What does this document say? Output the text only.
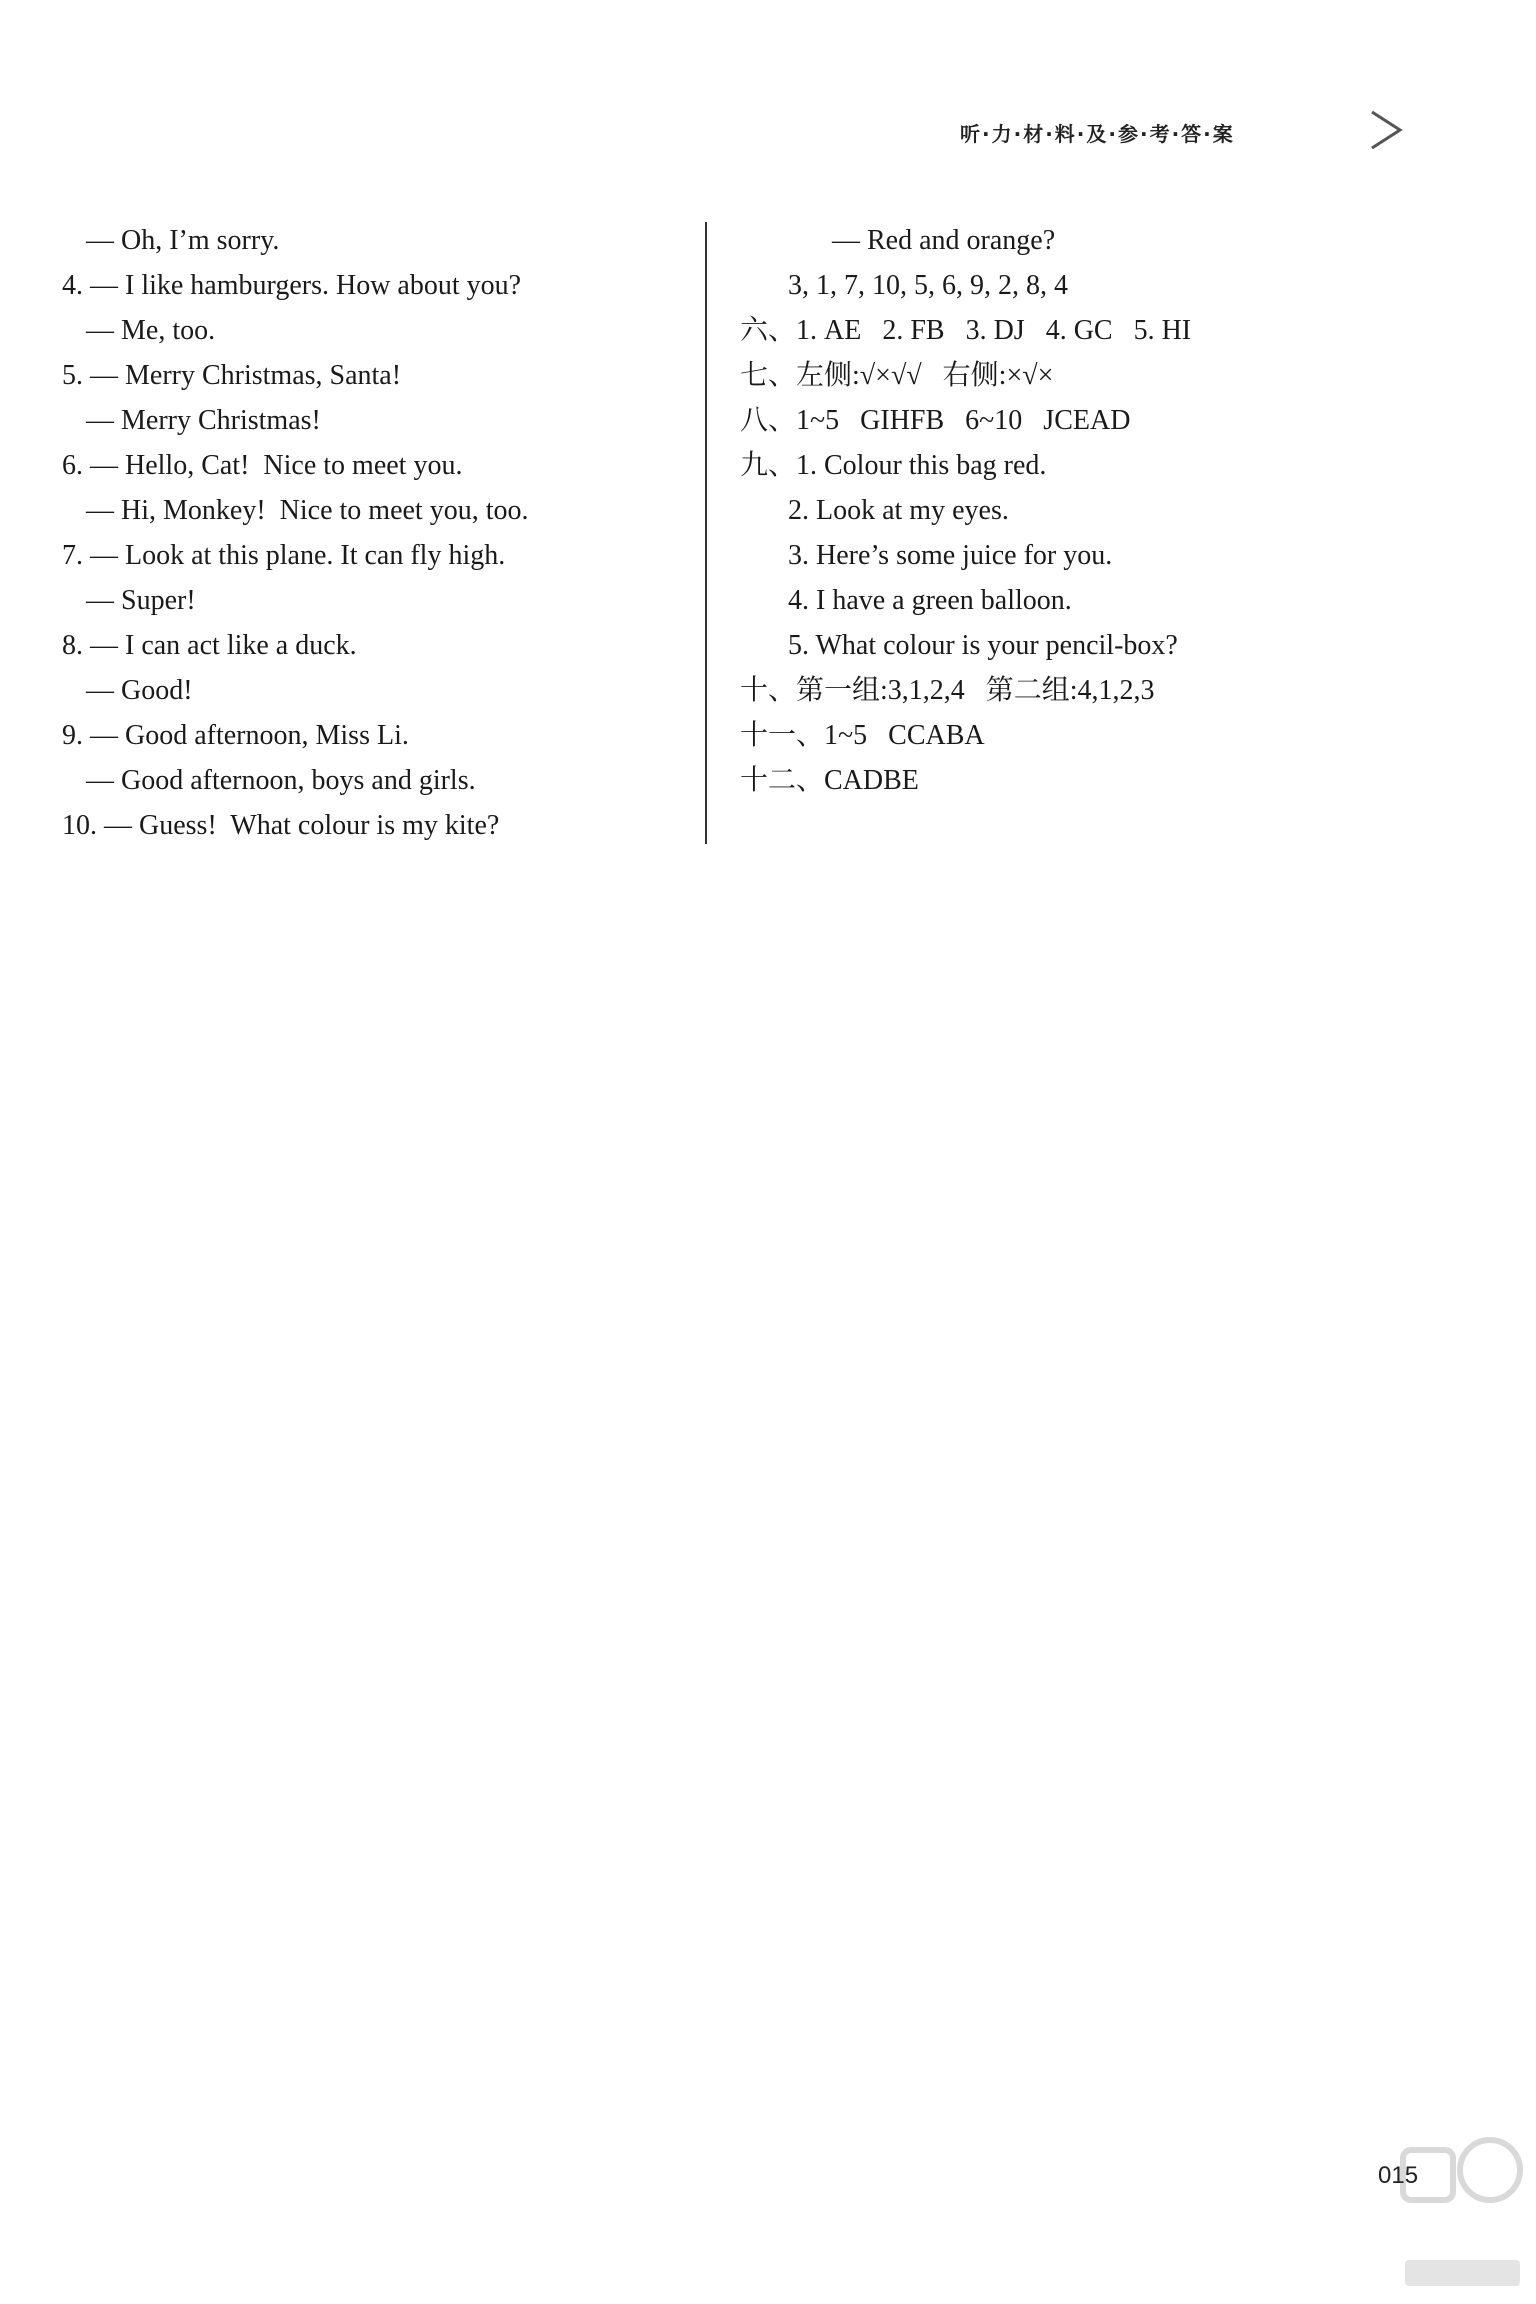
听·力·材·料·及·参·考·答·案
— Oh, I’m sorry.
4. — I like hamburgers. How about you?
— Me, too.
5. — Merry Christmas, Santa!
— Merry Christmas!
6. — Hello, Cat!  Nice to meet you.
— Hi, Monkey!  Nice to meet you, too.
7. — Look at this plane. It can fly high.
— Super!
8. — I can act like a duck.
— Good!
9. — Good afternoon, Miss Li.
— Good afternoon, boys and girls.
10. — Guess!  What colour is my kite?
— Red and orange?
3, 1, 7, 10, 5, 6, 9, 2, 8, 4
六、1. AE   2. FB   3. DJ   4. GC   5. HI
七、左侧:√×√√   右侧:×√×
八、1~5   GIHFB   6~10   JCEAD
九、1. Colour this bag red.
2. Look at my eyes.
3. Here’s some juice for you.
4. I have a green balloon.
5. What colour is your pencil-box?
十、第一组:3,1,2,4   第二组:4,1,2,3
十一、1~5   CCABA
十二、CADBE
015
